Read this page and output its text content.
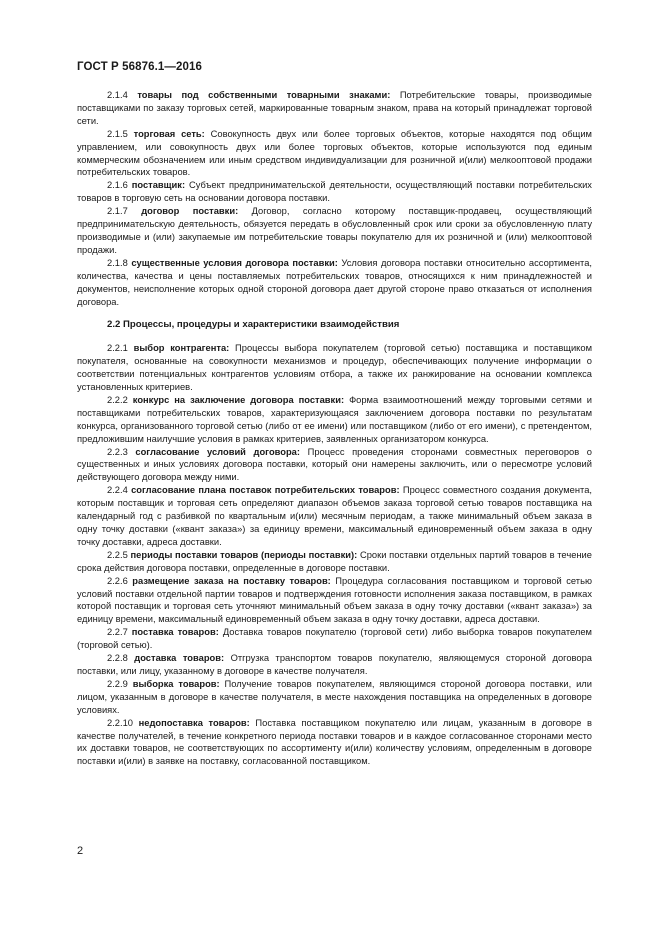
ГОСТ Р 56876.1—2016

2.1.4 товары под собственными товарными знаками: Потребительские товары, производимые поставщиками по заказу торговых сетей, маркированные товарным знаком, права на который принадлежат торговой сети.

2.1.5 торговая сеть: Совокупность двух или более торговых объектов, которые находятся под общим управлением, или совокупность двух или более торговых объектов, которые используются под единым коммерческим обозначением или иным средством индивидуализации для розничной и(или) мелкооптовой продажи потребительских товаров.

2.1.6 поставщик: Субъект предпринимательской деятельности, осуществляющий поставки потребительских товаров в торговую сеть на основании договора поставки.

2.1.7 договор поставки: Договор, согласно которому поставщик-продавец, осуществляющий предпринимательскую деятельность, обязуется передать в обусловленный срок или сроки за обусловленную плату производимые и (или) закупаемые им потребительские товары покупателю для их розничной и (или) мелкооптовой продажи.

2.1.8 существенные условия договора поставки: Условия договора поставки относительно ассортимента, количества, качества и цены поставляемых потребительских товаров, относящихся к ним принадлежностей и документов, неисполнение которых одной стороной договора дает другой стороне право отказаться от исполнения договора.

2.2 Процессы, процедуры и характеристики взаимодействия

2.2.1 выбор контрагента: Процессы выбора покупателем (торговой сетью) поставщика и поставщиком покупателя, основанные на совокупности механизмов и процедур, обеспечивающих получение информации о соответствии потенциальных контрагентов условиям отбора, а также их ранжирование на основании комплекса установленных критериев.

2.2.2 конкурс на заключение договора поставки: Форма взаимоотношений между торговыми сетями и поставщиками потребительских товаров, характеризующаяся заключением договора поставки по результатам конкурса, организованного торговой сетью (либо от ее имени) или поставщиком (либо от его имени), с претендентом, предложившим наилучшие условия в рамках критериев, заявленных организатором конкурса.

2.2.3 согласование условий договора: Процесс проведения сторонами совместных переговоров о существенных и иных условиях договора поставки, который они намерены заключить, или о пересмотре условий действующего договора между ними.

2.2.4 согласование плана поставок потребительских товаров: Процесс совместного создания документа, которым поставщик и торговая сеть определяют диапазон объемов заказа торговой сетью товаров поставщика на календарный год с разбивкой по квартальным и(или) месячным периодам, а также минимальный объем заказа в одну точку доставки («квант заказа») за единицу времени, максимальный единовременный объем заказа в одну точку доставки, адреса доставки.

2.2.5 периоды поставки товаров (периоды поставки): Сроки поставки отдельных партий товаров в течение срока действия договора поставки, определенные в договоре поставки.

2.2.6 размещение заказа на поставку товаров: Процедура согласования поставщиком и торговой сетью условий поставки отдельной партии товаров и подтверждения готовности исполнения заказа поставщиком, в рамках которой поставщик и торговая сеть уточняют минимальный объем заказа в одну точку доставки («квант заказа») за единицу времени, максимальный единовременный объем заказа в одну точку доставки, адреса доставки.

2.2.7 поставка товаров: Доставка товаров покупателю (торговой сети) либо выборка товаров покупателем (торговой сетью).

2.2.8 доставка товаров: Отгрузка транспортом товаров покупателю, являющемуся стороной договора поставки, или лицу, указанному в договоре в качестве получателя.

2.2.9 выборка товаров: Получение товаров покупателем, являющимся стороной договора поставки, или лицом, указанным в договоре в качестве получателя, в месте нахождения поставщика на определенных в договоре условиях.

2.2.10 недопоставка товаров: Поставка поставщиком покупателю или лицам, указанным в договоре в качестве получателей, в течение конкретного периода поставки товаров и в каждое согласованное сторонами место их доставки товаров, не соответствующих по ассортименту и(или) количеству условиям, определенным в договоре поставки и(или) в заявке на поставку, согласованной поставщиком.

2
